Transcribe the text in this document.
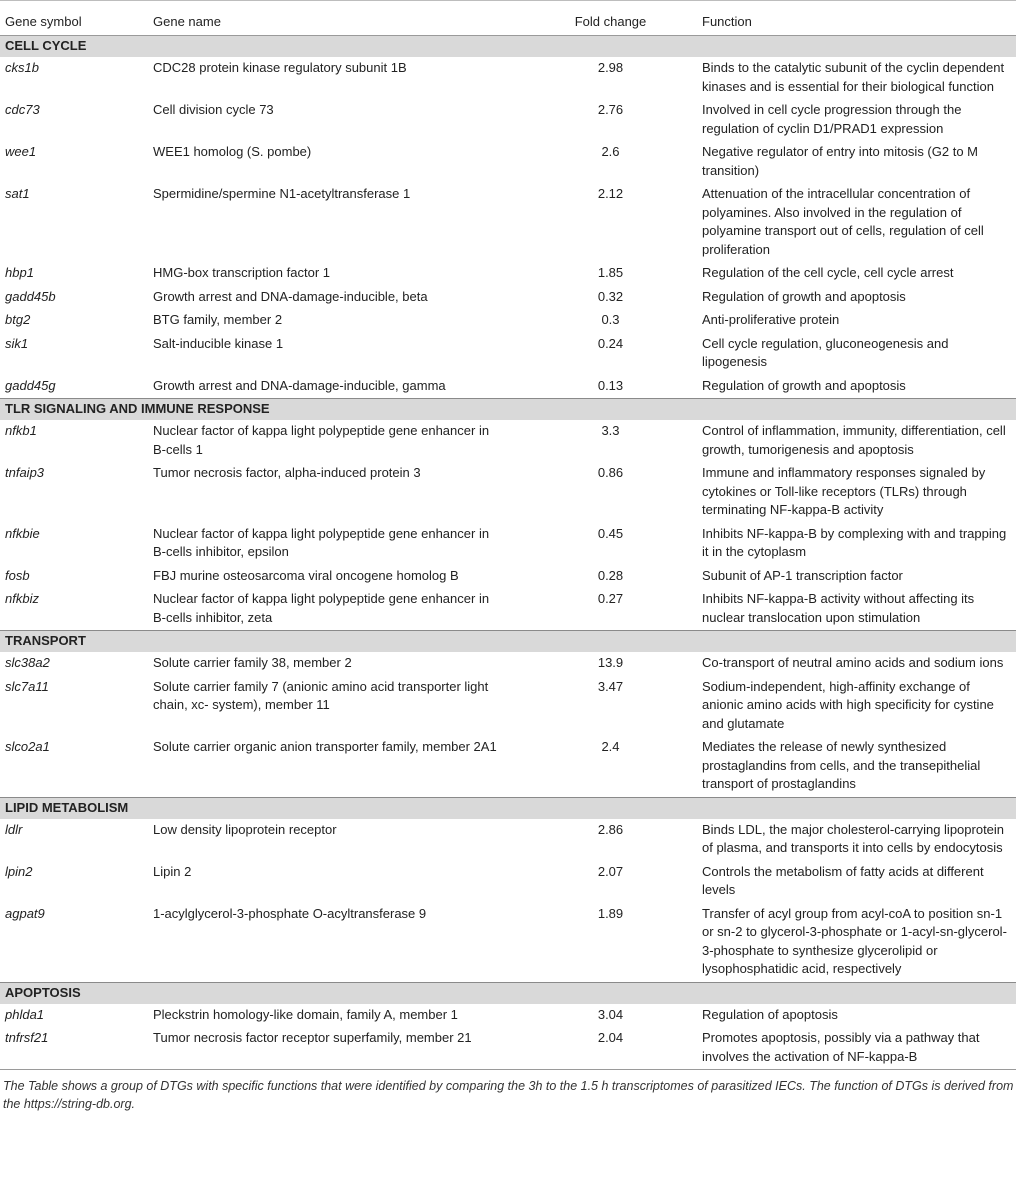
Gene symbol	Gene name	Fold change	Function
CELL CYCLE			
cks1b	CDC28 protein kinase regulatory subunit 1B	2.98	Binds to the catalytic subunit of the cyclin dependent kinases and is essential for their biological function
cdc73	Cell division cycle 73	2.76	Involved in cell cycle progression through the regulation of cyclin D1/PRAD1 expression
wee1	WEE1 homolog (S. pombe)	2.6	Negative regulator of entry into mitosis (G2 to M transition)
sat1	Spermidine/spermine N1-acetyltransferase 1	2.12	Attenuation of the intracellular concentration of polyamines. Also involved in the regulation of polyamine transport out of cells, regulation of cell proliferation
hbp1	HMG-box transcription factor 1	1.85	Regulation of the cell cycle, cell cycle arrest
gadd45b	Growth arrest and DNA-damage-inducible, beta	0.32	Regulation of growth and apoptosis
btg2	BTG family, member 2	0.3	Anti-proliferative protein
sik1	Salt-inducible kinase 1	0.24	Cell cycle regulation, gluconeogenesis and lipogenesis
gadd45g	Growth arrest and DNA-damage-inducible, gamma	0.13	Regulation of growth and apoptosis
TLR SIGNALING AND IMMUNE RESPONSE			
nfkb1	Nuclear factor of kappa light polypeptide gene enhancer in B-cells 1	3.3	Control of inflammation, immunity, differentiation, cell growth, tumorigenesis and apoptosis
tnfaip3	Tumor necrosis factor, alpha-induced protein 3	0.86	Immune and inflammatory responses signaled by cytokines or Toll-like receptors (TLRs) through terminating NF-kappa-B activity
nfkbie	Nuclear factor of kappa light polypeptide gene enhancer in B-cells inhibitor, epsilon	0.45	Inhibits NF-kappa-B by complexing with and trapping it in the cytoplasm
fosb	FBJ murine osteosarcoma viral oncogene homolog B	0.28	Subunit of AP-1 transcription factor
nfkbiz	Nuclear factor of kappa light polypeptide gene enhancer in B-cells inhibitor, zeta	0.27	Inhibits NF-kappa-B activity without affecting its nuclear translocation upon stimulation
TRANSPORT			
slc38a2	Solute carrier family 38, member 2	13.9	Co-transport of neutral amino acids and sodium ions
slc7a11	Solute carrier family 7 (anionic amino acid transporter light chain, xc- system), member 11	3.47	Sodium-independent, high-affinity exchange of anionic amino acids with high specificity for cystine and glutamate
slco2a1	Solute carrier organic anion transporter family, member 2A1	2.4	Mediates the release of newly synthesized prostaglandins from cells, and the transepithelial transport of prostaglandins
LIPID METABOLISM			
ldlr	Low density lipoprotein receptor	2.86	Binds LDL, the major cholesterol-carrying lipoprotein of plasma, and transports it into cells by endocytosis
lpin2	Lipin 2	2.07	Controls the metabolism of fatty acids at different levels
agpat9	1-acylglycerol-3-phosphate O-acyltransferase 9	1.89	Transfer of acyl group from acyl-coA to position sn-1 or sn-2 to glycerol-3-phosphate or 1-acyl-sn-glycerol-3-phosphate to synthesize glycerolipid or lysophosphatidic acid, respectively
APOPTOSIS			
phlda1	Pleckstrin homology-like domain, family A, member 1	3.04	Regulation of apoptosis
tnfrsf21	Tumor necrosis factor receptor superfamily, member 21	2.04	Promotes apoptosis, possibly via a pathway that involves the activation of NF-kappa-B
The Table shows a group of DTGs with specific functions that were identified by comparing the 3h to the 1.5 h transcriptomes of parasitized IECs. The function of DTGs is derived from the https://string-db.org.
